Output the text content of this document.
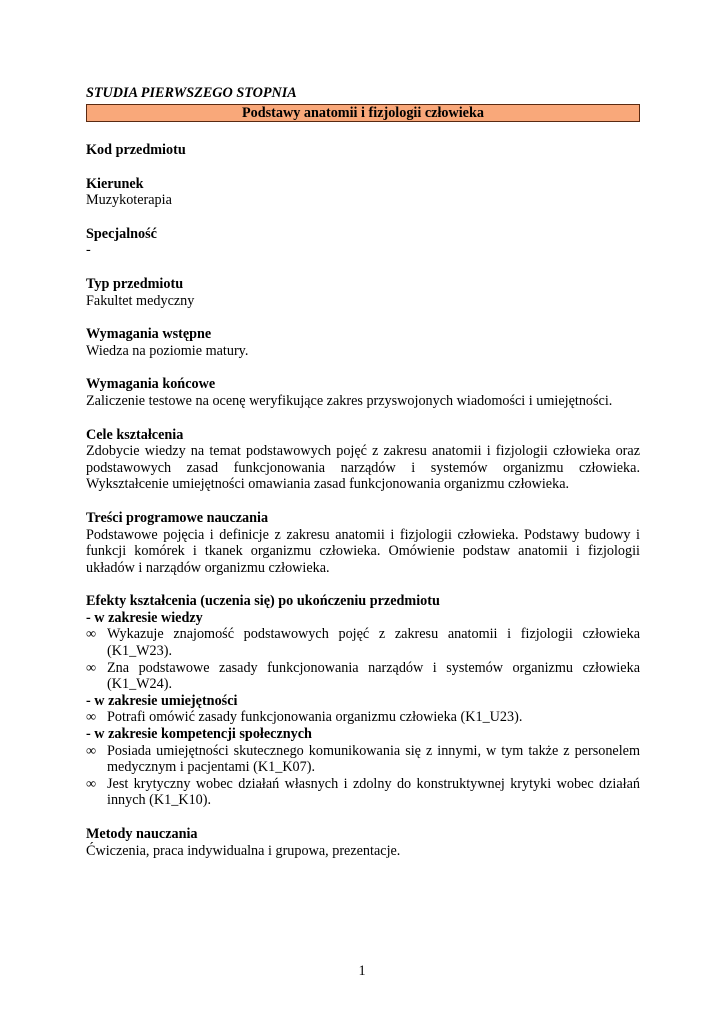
STUDIA PIERWSZEGO STOPNIA
Podstawy anatomii i fizjologii człowieka
Kod przedmiotu
Kierunek
Muzykoterapia
Specjalność
-
Typ przedmiotu
Fakultet medyczny
Wymagania wstępne
Wiedza na poziomie matury.
Wymagania końcowe
Zaliczenie testowe na ocenę weryfikujące zakres przyswojonych wiadomości i umiejętności.
Cele kształcenia
Zdobycie wiedzy na temat podstawowych pojęć z zakresu anatomii i fizjologii człowieka oraz podstawowych zasad funkcjonowania narządów i systemów organizmu człowieka. Wykształcenie umiejętności omawiania zasad funkcjonowania organizmu człowieka.
Treści programowe nauczania
Podstawowe pojęcia i definicje z zakresu anatomii i fizjologii człowieka. Podstawy budowy i funkcji komórek i tkanek organizmu człowieka. Omówienie podstaw anatomii i fizjologii układów i narządów organizmu człowieka.
Efekty kształcenia (uczenia się) po ukończeniu przedmiotu
- w zakresie wiedzy
∞ Wykazuje znajomość podstawowych pojęć z zakresu anatomii i fizjologii człowieka (K1_W23).
∞ Zna podstawowe zasady funkcjonowania narządów i systemów organizmu człowieka (K1_W24).
- w zakresie umiejętności
∞ Potrafi omówić zasady funkcjonowania organizmu człowieka (K1_U23).
- w zakresie kompetencji społecznych
∞ Posiada umiejętności skutecznego komunikowania się z innymi, w tym także z personelem medycznym i pacjentami (K1_K07).
∞ Jest krytyczny wobec działań własnych i zdolny do konstruktywnej krytyki wobec działań innych (K1_K10).
Metody nauczania
Ćwiczenia, praca indywidualna i grupowa, prezentacje.
1
